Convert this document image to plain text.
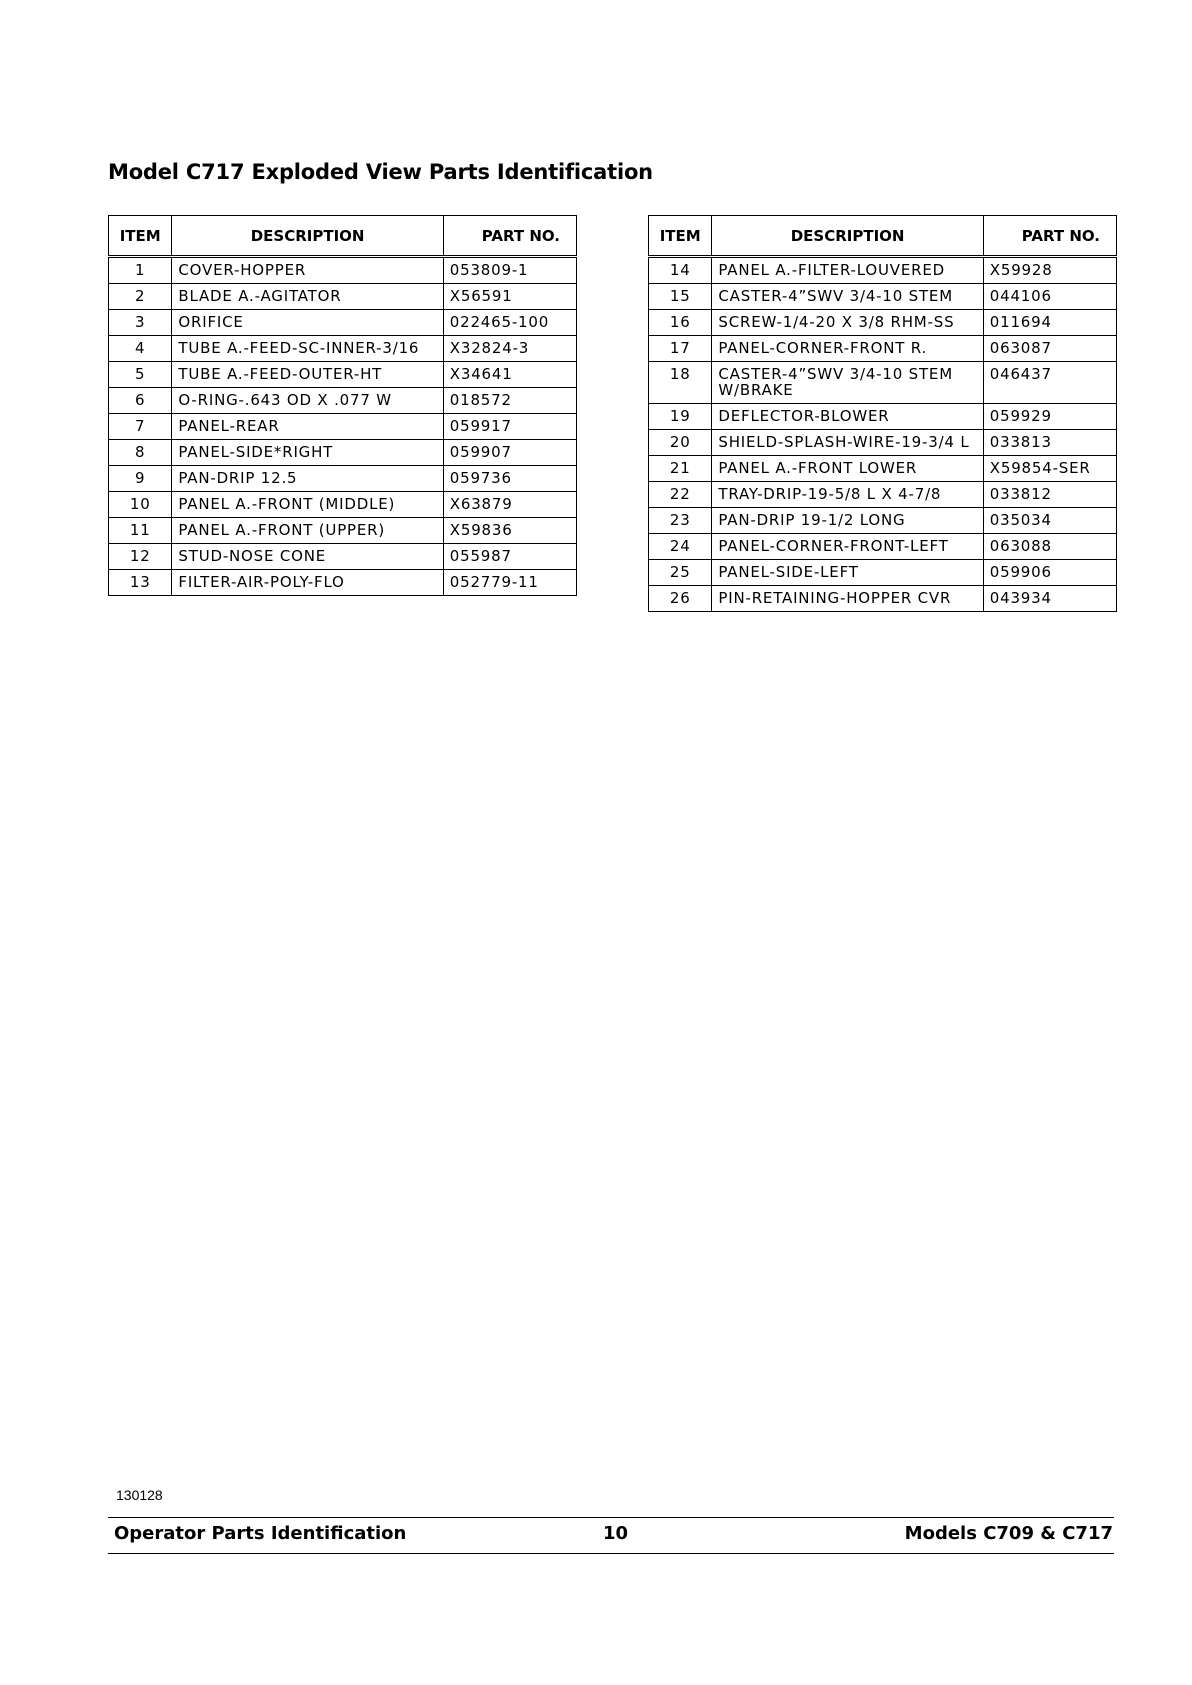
Model C717 Exploded View Parts Identification
ITEM	DESCRIPTION	PART NO.
1	COVER-HOPPER	053809-1
2	BLADE A.-AGITATOR	X56591
3	ORIFICE	022465-100
4	TUBE A.-FEED-SC-INNER-3/16	X32824-3
5	TUBE A.-FEED-OUTER-HT	X34641
6	O-RING-.643 OD X .077 W	018572
7	PANEL-REAR	059917
8	PANEL-SIDE*RIGHT	059907
9	PAN-DRIP 12.5	059736
10	PANEL A.-FRONT (MIDDLE)	X63879
11	PANEL A.-FRONT (UPPER)	X59836
12	STUD-NOSE CONE	055987
13	FILTER-AIR-POLY-FLO	052779-11
ITEM	DESCRIPTION	PART NO.
14	PANEL A.-FILTER-LOUVERED	X59928
15	CASTER-4”SWV 3/4-10 STEM	044106
16	SCREW-1/4-20 X 3/8 RHM-SS	011694
17	PANEL-CORNER-FRONT R.	063087
18	CASTER-4”SWV 3/4-10 STEM W/BRAKE	046437
19	DEFLECTOR-BLOWER	059929
20	SHIELD-SPLASH-WIRE-19-3/4 L	033813
21	PANEL A.-FRONT LOWER	X59854-SER
22	TRAY-DRIP-19-5/8 L X 4-7/8	033812
23	PAN-DRIP 19-1/2 LONG	035034
24	PANEL-CORNER-FRONT-LEFT	063088
25	PANEL-SIDE-LEFT	059906
26	PIN-RETAINING-HOPPER CVR	043934
130128
Operator Parts Identification	10	Models C709 & C717
